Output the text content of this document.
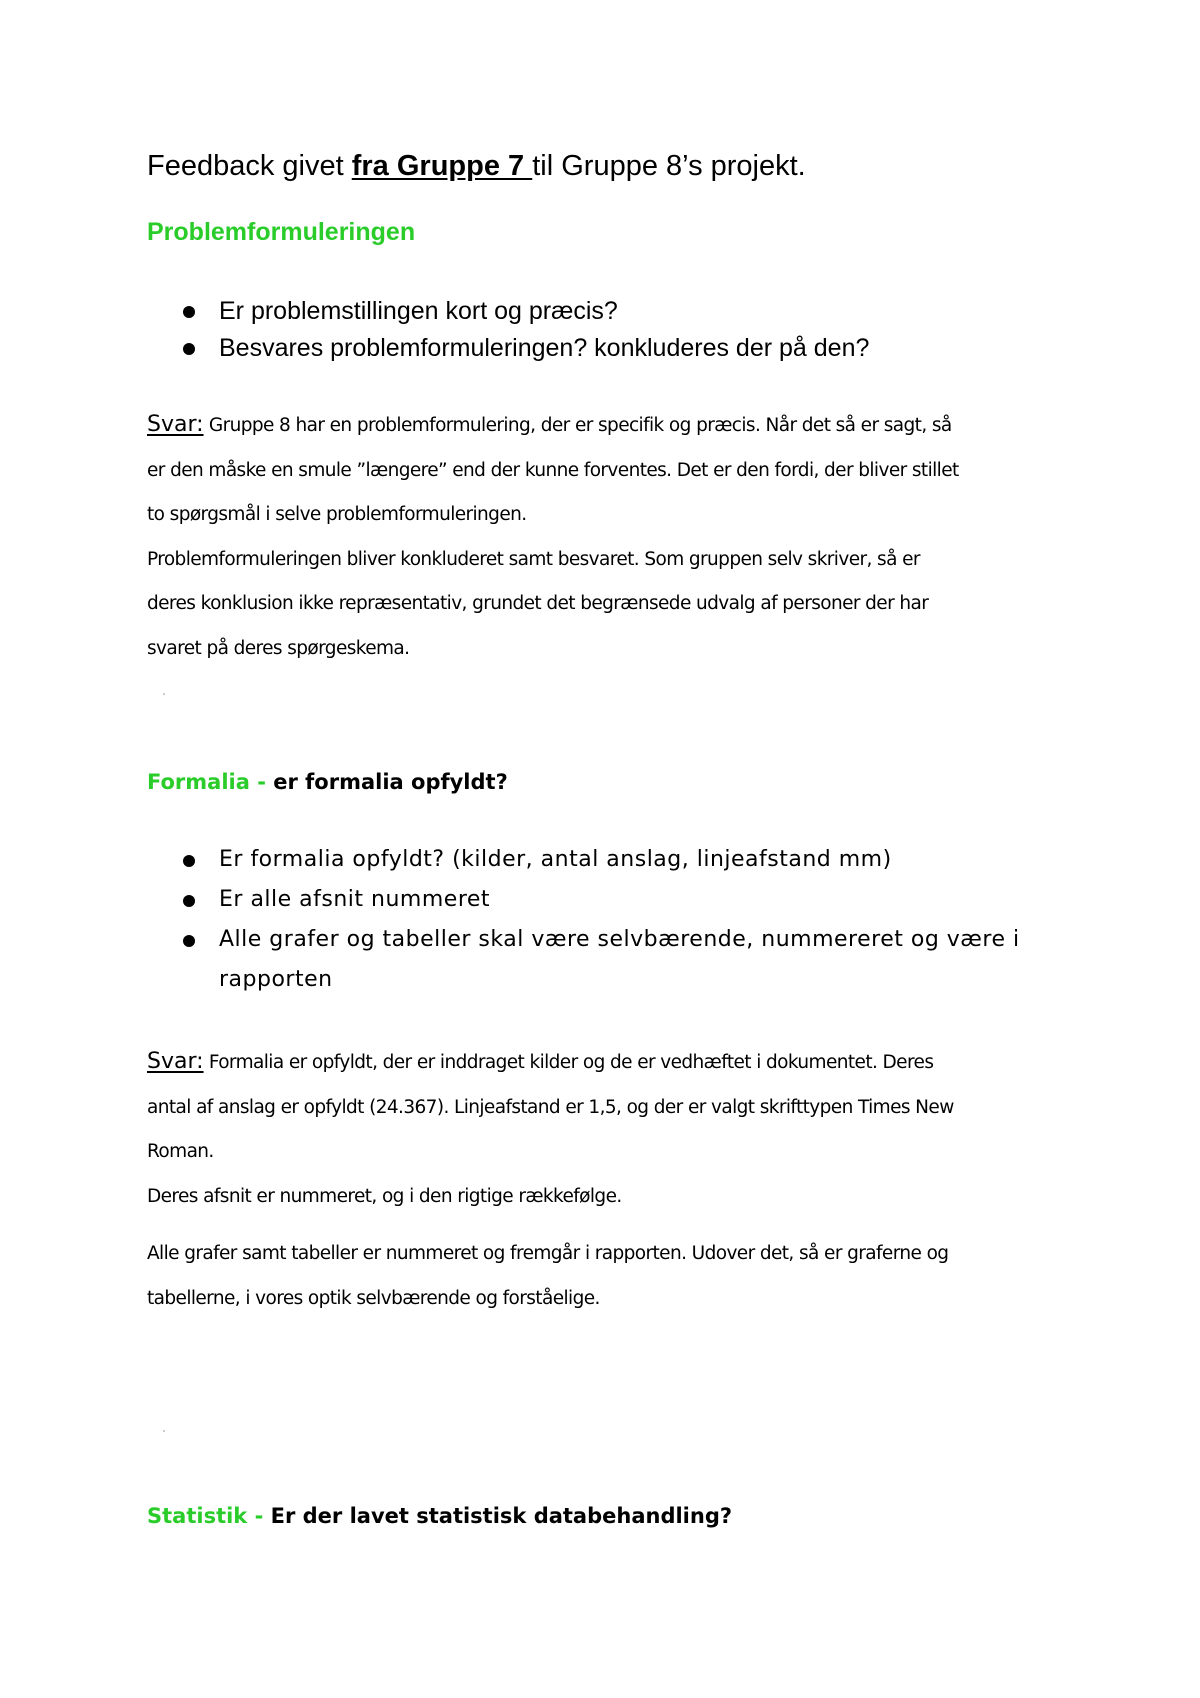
Feedback givet fra Gruppe 7 til Gruppe 8’s projekt.
Problemformuleringen
Er problemstillingen kort og præcis?
Besvares problemformuleringen? konkluderes der på den?

Svar: Gruppe 8 har en problemformulering, der er specifik og præcis. Når det så er sagt, så

er den måske en smule ”længere” end der kunne forventes. Det er den fordi, der bliver stillet

to spørgsmål i selve problemformuleringen.

Problemformuleringen bliver konkluderet samt besvaret. Som gruppen selv skriver, så er

deres konklusion ikke repræsentativ, grundet det begrænsede udvalg af personer der har

svaret på deres spørgeskema.

Formalia - er formalia opfyldt?
Er formalia opfyldt? (kilder, antal anslag, linjeafstand mm)
Er alle afsnit nummeret
Alle grafer og tabeller skal være selvbærende, nummereret og være i rapporten

Svar: Formalia er opfyldt, der er inddraget kilder og de er vedhæftet i dokumentet. Deres

antal af anslag er opfyldt (24.367). Linjeafstand er 1,5, og der er valgt skrifttypen Times New

Roman.

Deres afsnit er nummeret, og i den rigtige rækkefølge.

Alle grafer samt tabeller er nummeret og fremgår i rapporten. Udover det, så er graferne og

tabellerne, i vores optik selvbærende og forståelige.

Statistik - Er der lavet statistisk databehandling?
